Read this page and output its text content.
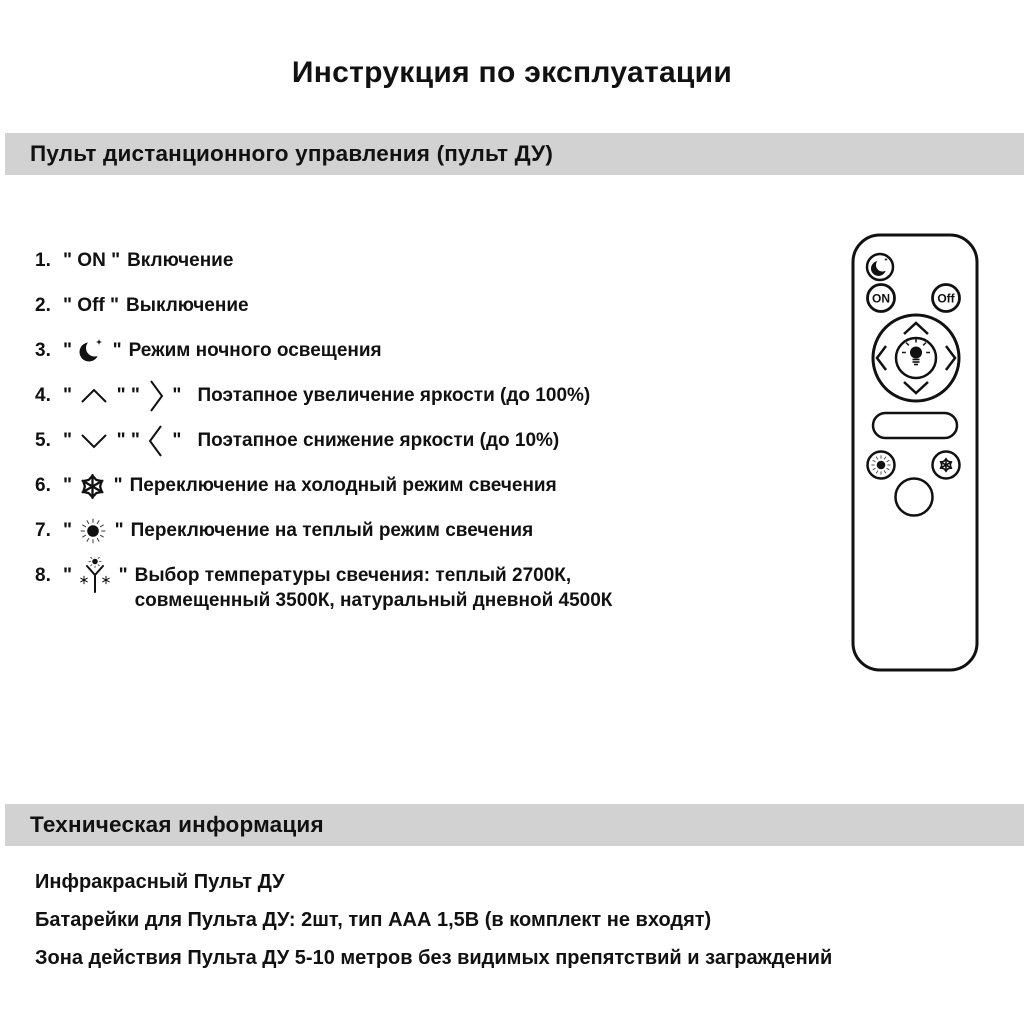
Инструкция по эксплуатации
Пульт дистанционного управления (пульт ДУ)
1. " ON " Включение
2. " Off " Выключение
3. " " Режим ночного освещения
4. " " " " Поэтапное увеличение яркости (до 100%)
5. " " " " Поэтапное снижение яркости (до 10%)
6. " " Переключение на холодный режим свечения
7. " " Переключение на теплый режим свечения
8. " " Выбор температуры свечения: теплый 2700К,
совмещенный 3500К, натуральный дневной 4500К
ON	Off
Техническая информация
Инфракрасный Пульт ДУ
Батарейки для Пульта ДУ: 2шт, тип ААА 1,5В (в комплект не входят)
Зона действия Пульта ДУ 5-10 метров без видимых препятствий и заграждений
